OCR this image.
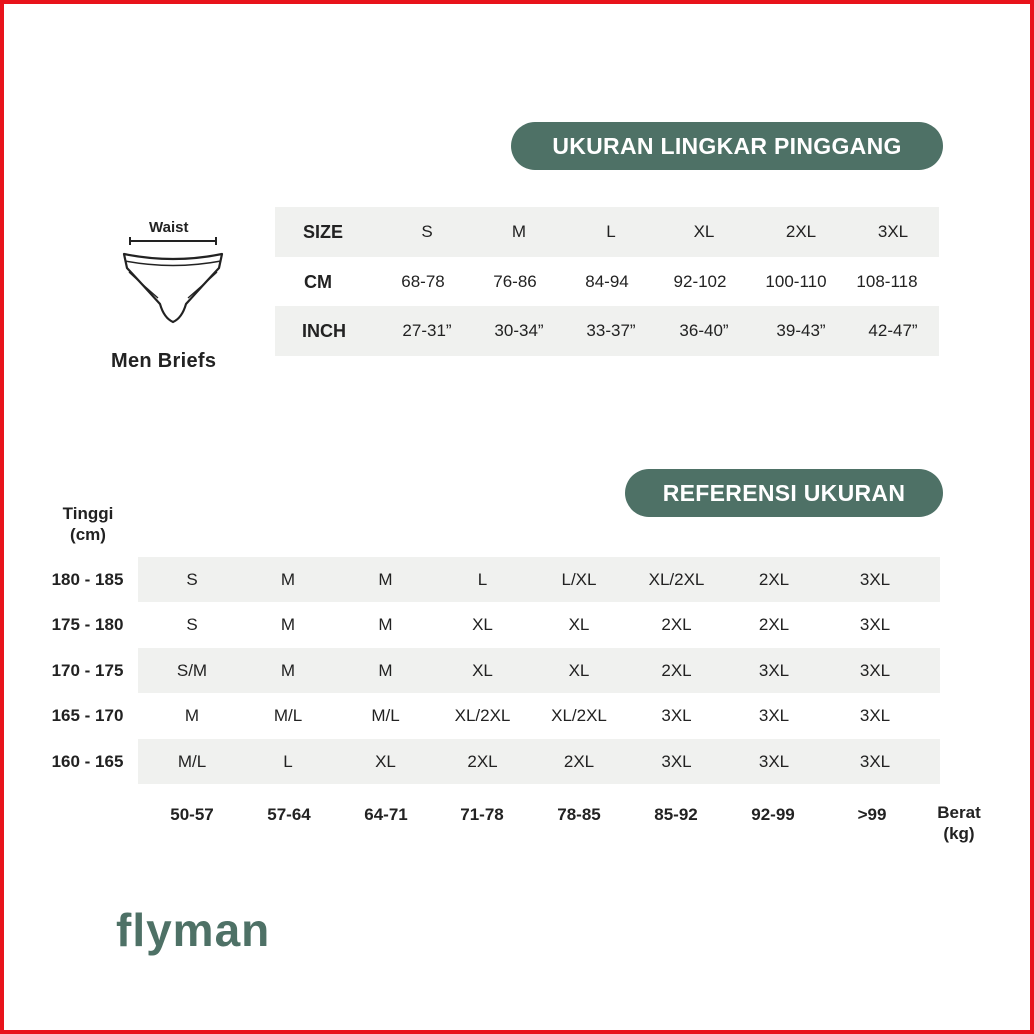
UKURAN LINGKAR PINGGANG
Waist
Men Briefs
SIZE	S	M	L	XL	2XL	3XL
CM	68-78	76-86	84-94	92-102	100-110	108-118
INCH	27-31”	30-34”	33-37”	36-40”	39-43”	42-47”
REFERENSI UKURAN
Tinggi
(cm)
180 - 185	S	M	M	L	L/XL	XL/2XL	2XL	3XL
175 - 180	S	M	M	XL	XL	2XL	2XL	3XL
170 - 175	S/M	M	M	XL	XL	2XL	3XL	3XL
165 - 170	M	M/L	M/L	XL/2XL	XL/2XL	3XL	3XL	3XL
160 - 165	M/L	L	XL	2XL	2XL	3XL	3XL	3XL
50-57	57-64	64-71	71-78	78-85	85-92	92-99	>99	Berat
(kg)
flyman
